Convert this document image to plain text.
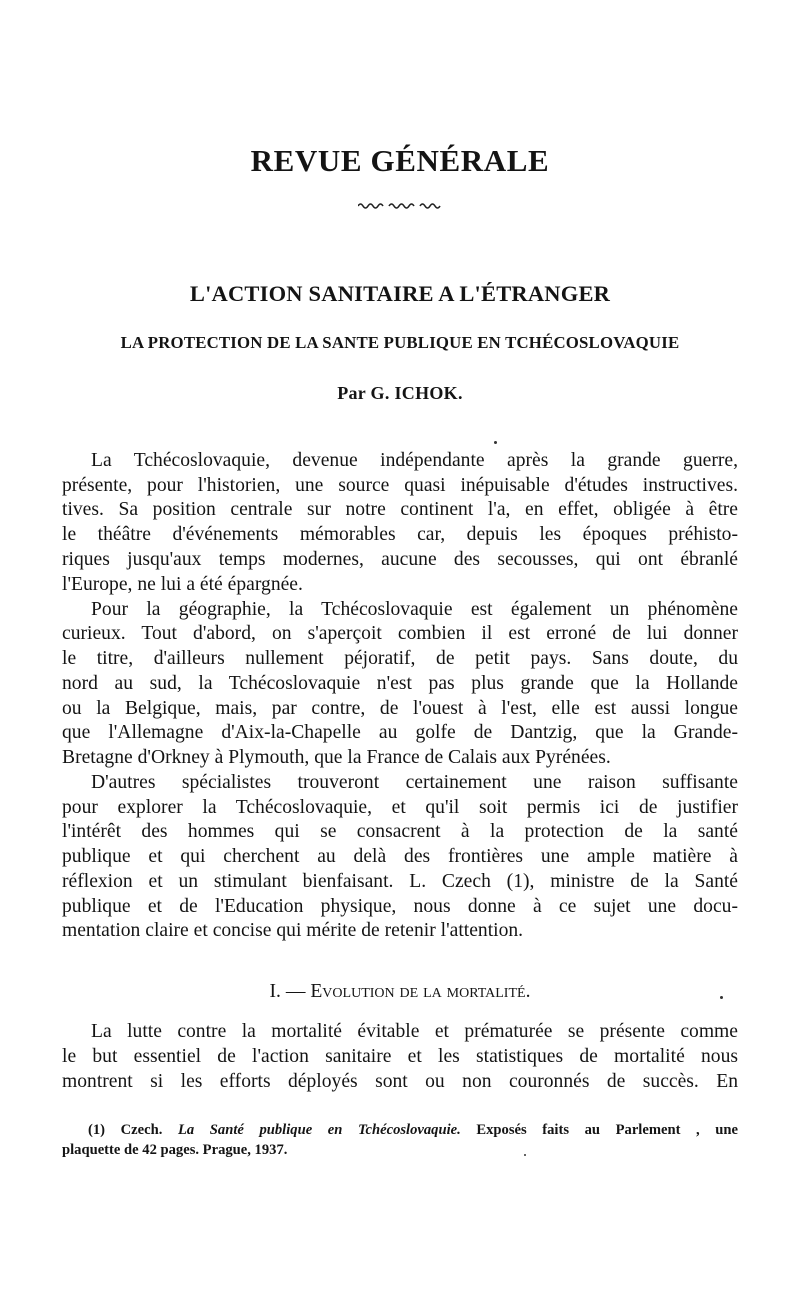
REVUE GÉNÉRALE
L'ACTION SANITAIRE A L'ÉTRANGER
LA PROTECTION DE LA SANTE PUBLIQUE EN TCHÉCOSLOVAQUIE
Par G. ICHOK.
La Tchécoslovaquie, devenue indépendante après la grande guerre,
présente, pour l'historien, une source quasi inépuisable d'études instructives.
tives. Sa position centrale sur notre continent l'a, en effet, obligée à être
le théâtre d'événements mémorables car, depuis les époques préhisto-
riques jusqu'aux temps modernes, aucune des secousses, qui ont ébranlé
l'Europe, ne lui a été épargnée.
Pour la géographie, la Tchécoslovaquie est également un phénomène
curieux. Tout d'abord, on s'aperçoit combien il est erroné de lui donner
le titre, d'ailleurs nullement péjoratif, de petit pays. Sans doute, du
nord au sud, la Tchécoslovaquie n'est pas plus grande que la Hollande
ou la Belgique, mais, par contre, de l'ouest à l'est, elle est aussi longue
que l'Allemagne d'Aix-la-Chapelle au golfe de Dantzig, que la Grande-
Bretagne d'Orkney à Plymouth, que la France de Calais aux Pyrénées.
D'autres spécialistes trouveront certainement une raison suffisante
pour explorer la Tchécoslovaquie, et qu'il soit permis ici de justifier
l'intérêt des hommes qui se consacrent à la protection de la santé
publique et qui cherchent au delà des frontières une ample matière à
réflexion et un stimulant bienfaisant. L. Czech (1), ministre de la Santé
publique et de l'Education physique, nous donne à ce sujet une docu-
mentation claire et concise qui mérite de retenir l'attention.
I. — Evolution de la mortalité.
La lutte contre la mortalité évitable et prématurée se présente comme
le but essentiel de l'action sanitaire et les statistiques de mortalité nous
montrent si les efforts déployés sont ou non couronnés de succès. En
(1) Czech. La Santé publique en Tchécoslovaquie. Exposés faits au Parlement , une
plaquette de 42 pages. Prague, 1937.
